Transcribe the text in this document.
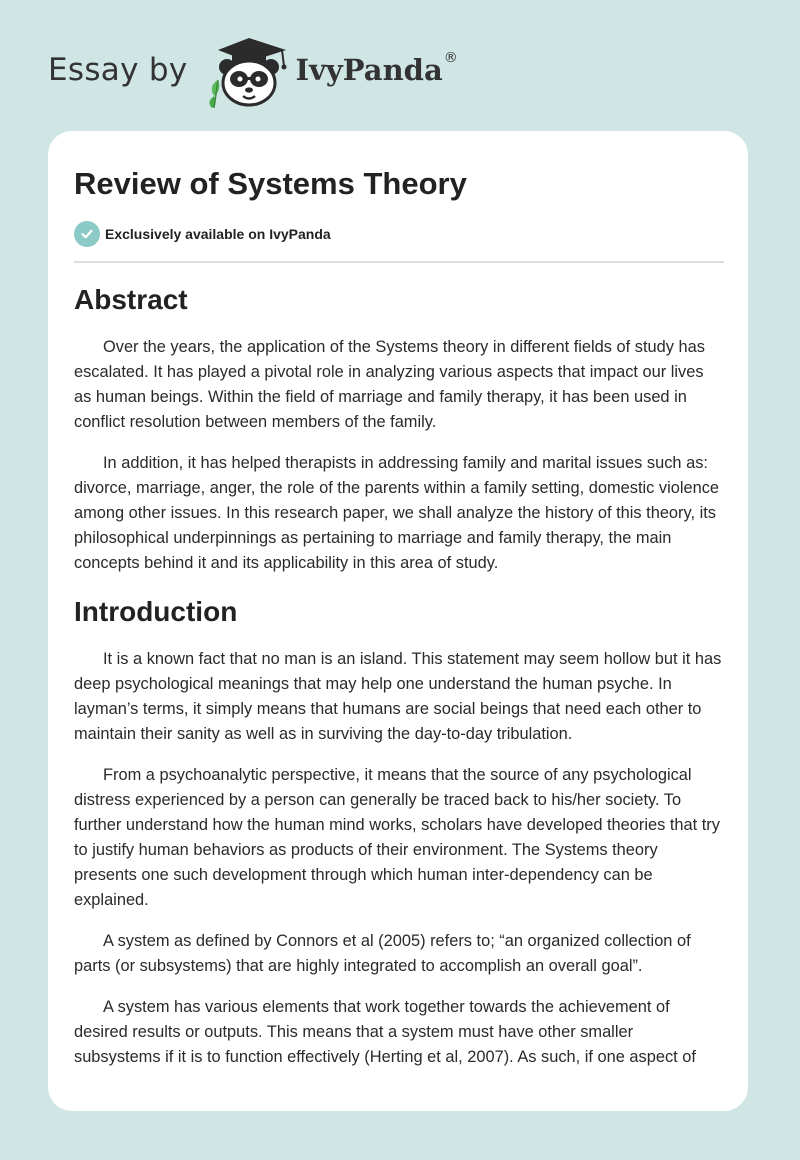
Essay by	IvyPanda ®
Review of Systems Theory
Exclusively available on IvyPanda
Abstract

Over the years, the application of the Systems theory in different fields of study has escalated. It has played a pivotal role in analyzing various aspects that impact our lives as human beings. Within the field of marriage and family therapy, it has been used in conflict resolution between members of the family.

In addition, it has helped therapists in addressing family and marital issues such as: divorce, marriage, anger, the role of the parents within a family setting, domestic violence among other issues. In this research paper, we shall analyze the history of this theory, its philosophical underpinnings as pertaining to marriage and family therapy, the main concepts behind it and its applicability in this area of study.

Introduction

It is a known fact that no man is an island. This statement may seem hollow but it has deep psychological meanings that may help one understand the human psyche. In layman’s terms, it simply means that humans are social beings that need each other to maintain their sanity as well as in surviving the day-to-day tribulation.

From a psychoanalytic perspective, it means that the source of any psychological distress experienced by a person can generally be traced back to his/her society. To further understand how the human mind works, scholars have developed theories that try to justify human behaviors as products of their environment. The Systems theory presents one such development through which human inter-dependency can be explained.

A system as defined by Connors et al (2005) refers to; “an organized collection of parts (or subsystems) that are highly integrated to accomplish an overall goal”.

A system has various elements that work together towards the achievement of desired results or outputs. This means that a system must have other smaller subsystems if it is to function effectively (Herting et al, 2007). As such, if one aspect of
